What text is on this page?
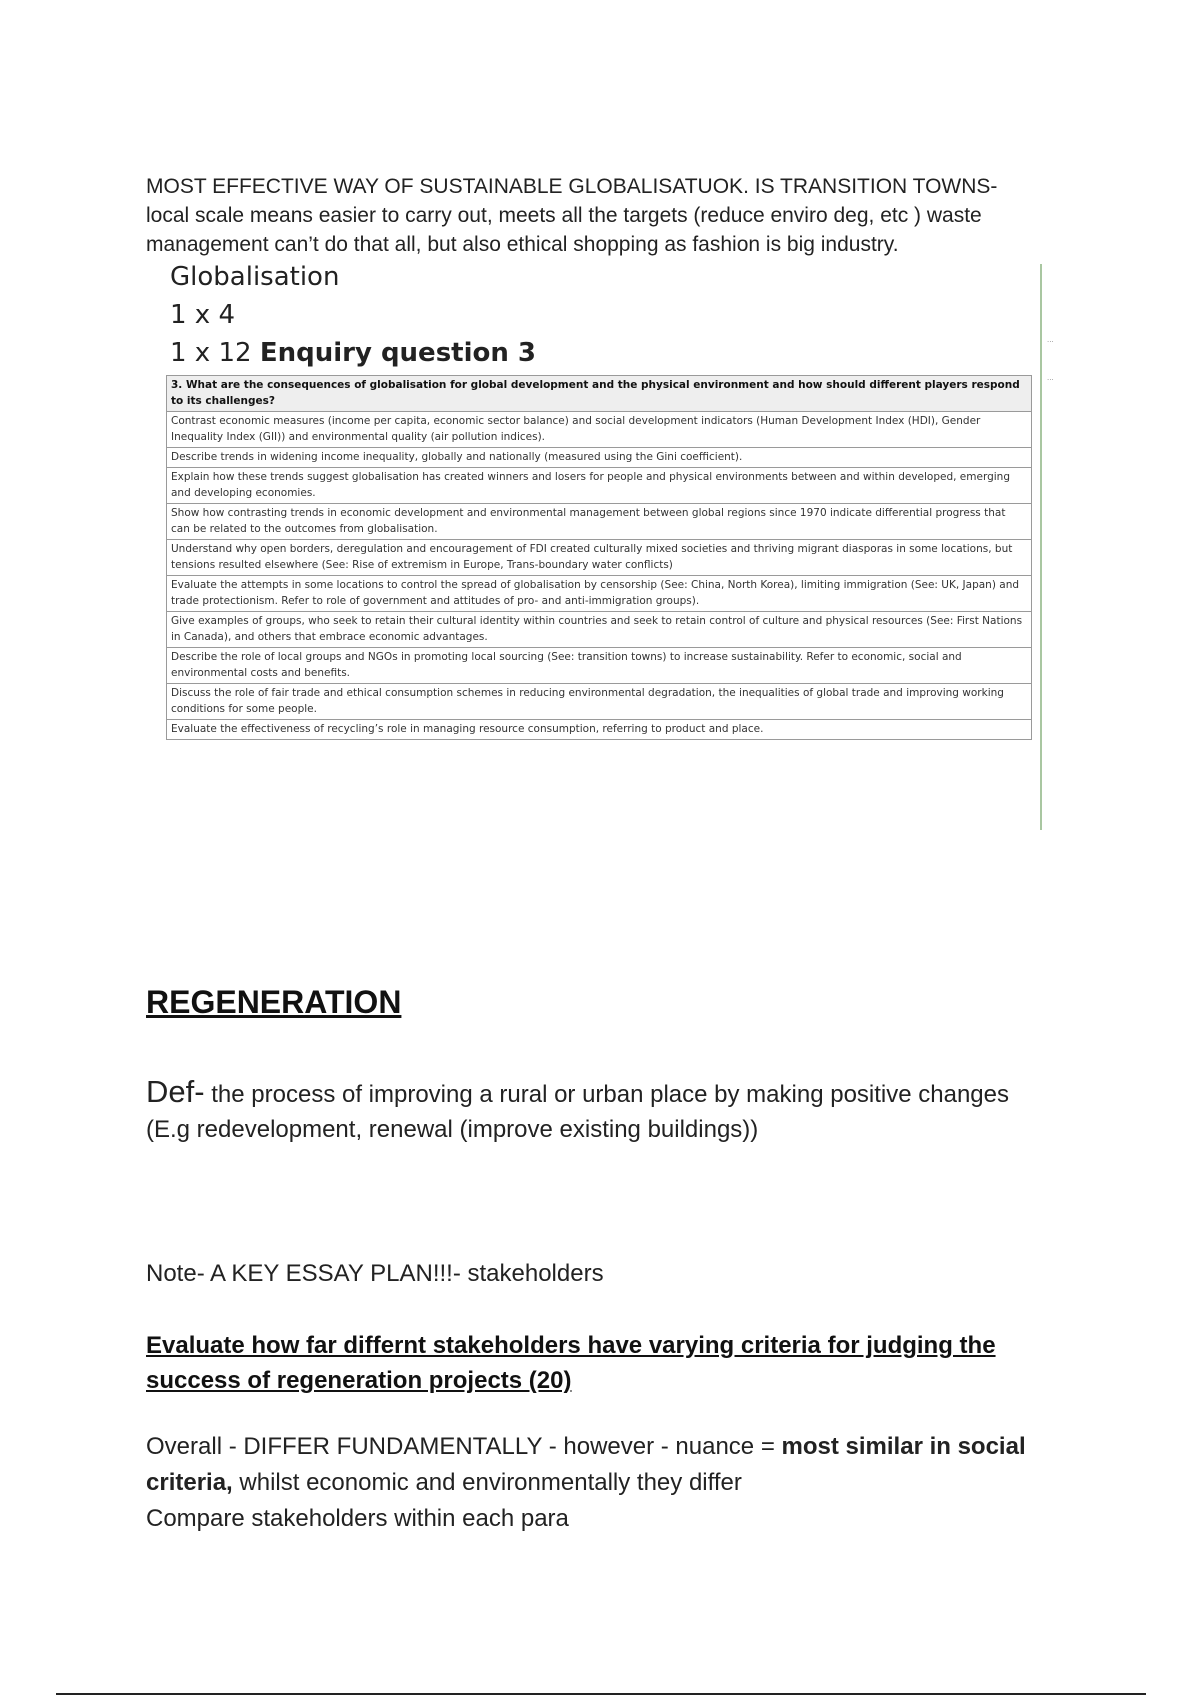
MOST EFFECTIVE WAY OF SUSTAINABLE GLOBALISATUOK. IS TRANSITION TOWNS-
local scale means easier to carry out, meets all the targets (reduce enviro deg, etc ) waste
management can’t do that all, but also ethical shopping as fashion is big industry.
···
···
Globalisation
1 x 4
1 x 12 Enquiry question 3
3. What are the consequences of globalisation for global development and the physical environment and how should different players respond to its challenges?
Contrast economic measures (income per capita, economic sector balance) and social development indicators (Human Development Index (HDI), Gender Inequality Index (GII)) and environmental quality (air pollution indices).
Describe trends in widening income inequality, globally and nationally (measured using the Gini coefficient).
Explain how these trends suggest globalisation has created winners and losers for people and physical environments between and within developed, emerging and developing economies.
Show how contrasting trends in economic development and environmental management between global regions since 1970 indicate differential progress that can be related to the outcomes from globalisation.
Understand why open borders, deregulation and encouragement of FDI created culturally mixed societies and thriving migrant diasporas in some locations, but tensions resulted elsewhere (See: Rise of extremism in Europe, Trans-boundary water conflicts)
Evaluate the attempts in some locations to control the spread of globalisation by censorship (See: China, North Korea), limiting immigration (See: UK, Japan) and trade protectionism. Refer to role of government and attitudes of pro- and anti-immigration groups).
Give examples of groups, who seek to retain their cultural identity within countries and seek to retain control of culture and physical resources (See: First Nations in Canada), and others that embrace economic advantages.
Describe the role of local groups and NGOs in promoting local sourcing (See: transition towns) to increase sustainability. Refer to economic, social and environmental costs and benefits.
Discuss the role of fair trade and ethical consumption schemes in reducing environmental degradation, the inequalities of global trade and improving working conditions for some people.
Evaluate the effectiveness of recycling’s role in managing resource consumption, referring to product and place.
REGENERATION
Def- the process of improving a rural or urban place by making positive changes
(E.g redevelopment, renewal (improve existing buildings))
Note- A KEY ESSAY PLAN!!!- stakeholders
Evaluate how far differnt stakeholders have varying criteria for judging the success of regeneration projects (20)
Overall - DIFFER FUNDAMENTALLY - however - nuance = most similar in social criteria, whilst economic and environmentally they differ
Compare stakeholders within each para
